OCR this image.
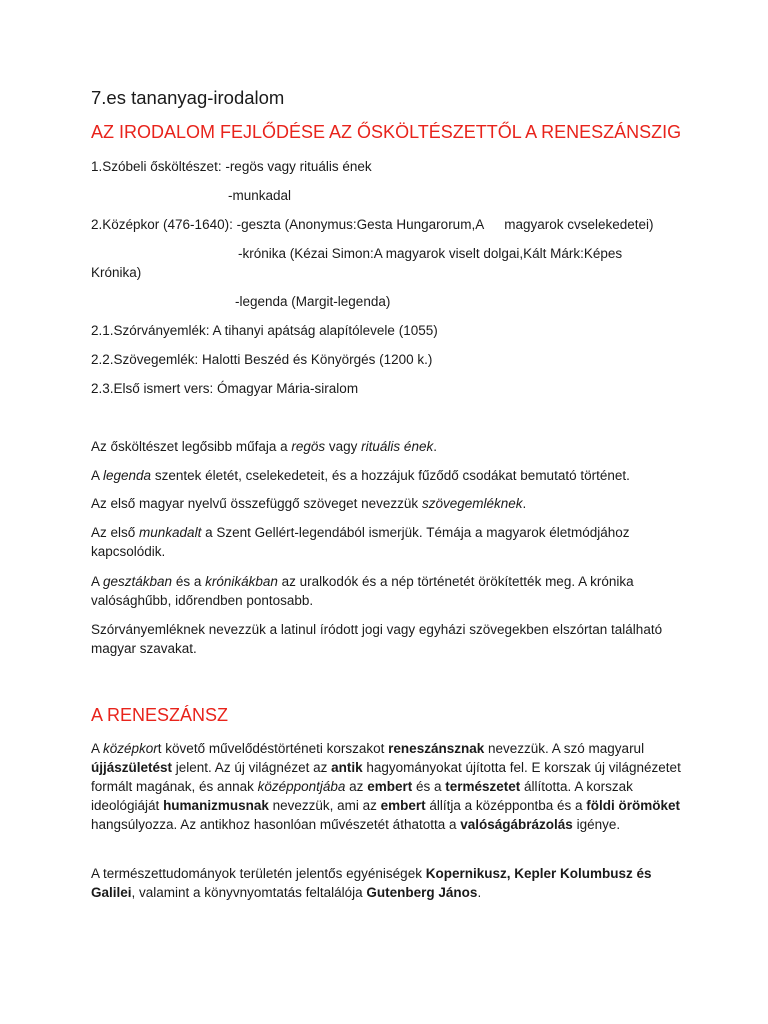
7.es tananyag-irodalom

AZ IRODALOM FEJLŐDÉSE AZ ŐSKÖLTÉSZETTŐL A RENESZÁNSZIG

1.Szóbeli ősköltészet: -regös vagy rituális ének

-munkadal

2.Középkor (476-1640): -geszta (Anonymus:Gesta Hungarorum,A magyarok cvselekedetei)

-krónika (Kézai Simon:A magyarok viselt dolgai,Kált Márk:Képes

Krónika)

-legenda (Margit-legenda)

2.1.Szórványemlék: A tihanyi apátság alapítólevele (1055)

2.2.Szövegemlék: Halotti Beszéd és Könyörgés (1200 k.)

2.3.Első ismert vers: Ómagyar Mária-siralom

Az ősköltészet legősibb műfaja a regös vagy rituális ének.

A legenda szentek életét, cselekedeteit, és a hozzájuk fűződő csodákat bemutató történet.

Az első magyar nyelvű összefüggő szöveget nevezzük szövegemléknek.

Az első munkadalt a Szent Gellért-legendából ismerjük. Témája a magyarok életmódjához kapcsolódik.

A gesztákban és a krónikákban az uralkodók és a nép történetét örökítették meg. A krónika valósághűbb, időrendben pontosabb.

Szórványemléknek nevezzük a latinul íródott jogi vagy egyházi szövegekben elszórtan található magyar szavakat.

A RENESZÁNSZ

A középkort követő művelődéstörténeti korszakot reneszánsznak nevezzük. A szó magyarul újjászületést jelent. Az új világnézet az antik hagyományokat újította fel. E korszak új világnézetet formált magának, és annak középpontjába az embert és a természetet állította. A korszak ideológiáját humanizmusnak nevezzük, ami az embert állítja a középpontba és a földi örömöket hangsúlyozza. Az antikhoz hasonlóan művészetét áthatotta a valóságábrázolás igénye.

A természettudományok területén jelentős egyéniségek Kopernikusz, Kepler Kolumbusz és Galilei, valamint a könyvnyomtatás feltalálója Gutenberg János.
